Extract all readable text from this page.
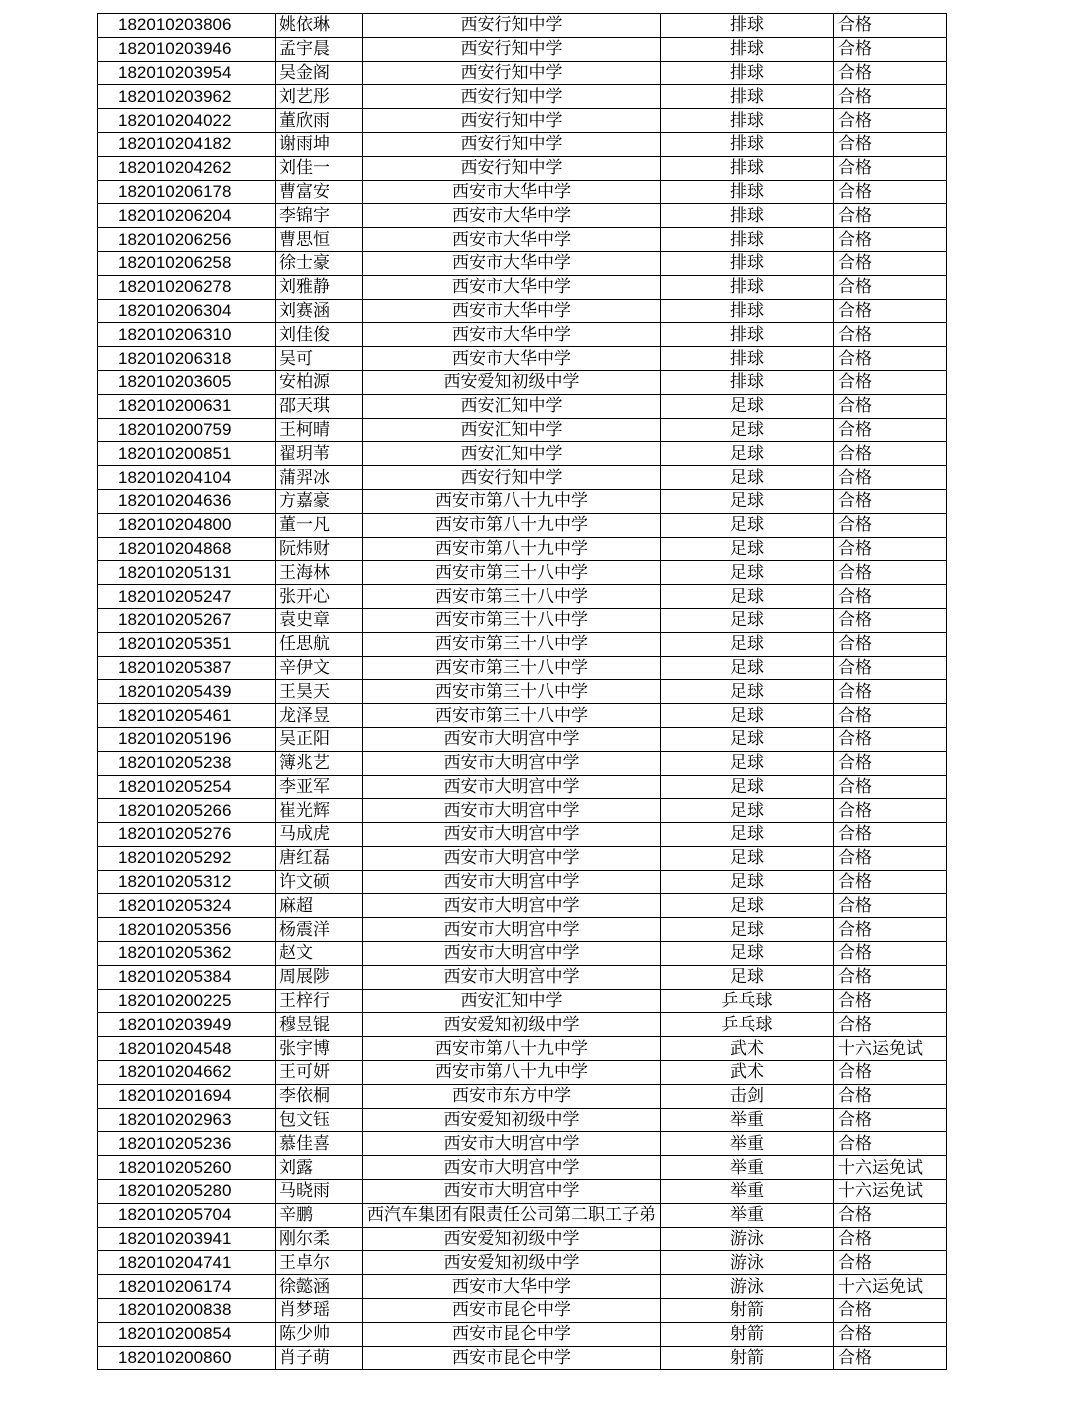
182010203806	姚依琳	西安行知中学	排球	合格
182010203946	孟宇晨	西安行知中学	排球	合格
182010203954	吴金阁	西安行知中学	排球	合格
182010203962	刘艺彤	西安行知中学	排球	合格
182010204022	董欣雨	西安行知中学	排球	合格
182010204182	谢雨坤	西安行知中学	排球	合格
182010204262	刘佳一	西安行知中学	排球	合格
182010206178	曹富安	西安市大华中学	排球	合格
182010206204	李锦宇	西安市大华中学	排球	合格
182010206256	曹思恒	西安市大华中学	排球	合格
182010206258	徐士豪	西安市大华中学	排球	合格
182010206278	刘雅静	西安市大华中学	排球	合格
182010206304	刘赛涵	西安市大华中学	排球	合格
182010206310	刘佳俊	西安市大华中学	排球	合格
182010206318	吴可	西安市大华中学	排球	合格
182010203605	安柏源	西安爱知初级中学	排球	合格
182010200631	邵天琪	西安汇知中学	足球	合格
182010200759	王柯晴	西安汇知中学	足球	合格
182010200851	翟玥苇	西安汇知中学	足球	合格
182010204104	蒲羿冰	西安行知中学	足球	合格
182010204636	方嘉豪	西安市第八十九中学	足球	合格
182010204800	董一凡	西安市第八十九中学	足球	合格
182010204868	阮炜财	西安市第八十九中学	足球	合格
182010205131	王海林	西安市第三十八中学	足球	合格
182010205247	张开心	西安市第三十八中学	足球	合格
182010205267	袁史章	西安市第三十八中学	足球	合格
182010205351	任思航	西安市第三十八中学	足球	合格
182010205387	辛伊文	西安市第三十八中学	足球	合格
182010205439	王昊天	西安市第三十八中学	足球	合格
182010205461	龙泽昱	西安市第三十八中学	足球	合格
182010205196	吴正阳	西安市大明宫中学	足球	合格
182010205238	簿兆艺	西安市大明宫中学	足球	合格
182010205254	李亚军	西安市大明宫中学	足球	合格
182010205266	崔光辉	西安市大明宫中学	足球	合格
182010205276	马成虎	西安市大明宫中学	足球	合格
182010205292	唐红磊	西安市大明宫中学	足球	合格
182010205312	许文硕	西安市大明宫中学	足球	合格
182010205324	麻超	西安市大明宫中学	足球	合格
182010205356	杨震洋	西安市大明宫中学	足球	合格
182010205362	赵文	西安市大明宫中学	足球	合格
182010205384	周展陟	西安市大明宫中学	足球	合格
182010200225	王梓行	西安汇知中学	乒乓球	合格
182010203949	穆昱锟	西安爱知初级中学	乒乓球	合格
182010204548	张宇博	西安市第八十九中学	武术	十六运免试
182010204662	王可妍	西安市第八十九中学	武术	合格
182010201694	李依桐	西安市东方中学	击剑	合格
182010202963	包文钰	西安爱知初级中学	举重	合格
182010205236	慕佳喜	西安市大明宫中学	举重	合格
182010205260	刘露	西安市大明宫中学	举重	十六运免试
182010205280	马晓雨	西安市大明宫中学	举重	十六运免试
182010205704	辛鹏	西汽车集团有限责任公司第二职工子弟	举重	合格
182010203941	刚尔柔	西安爱知初级中学	游泳	合格
182010204741	王卓尔	西安爱知初级中学	游泳	合格
182010206174	徐懿涵	西安市大华中学	游泳	十六运免试
182010200838	肖梦瑶	西安市昆仑中学	射箭	合格
182010200854	陈少帅	西安市昆仑中学	射箭	合格
182010200860	肖子萌	西安市昆仑中学	射箭	合格
